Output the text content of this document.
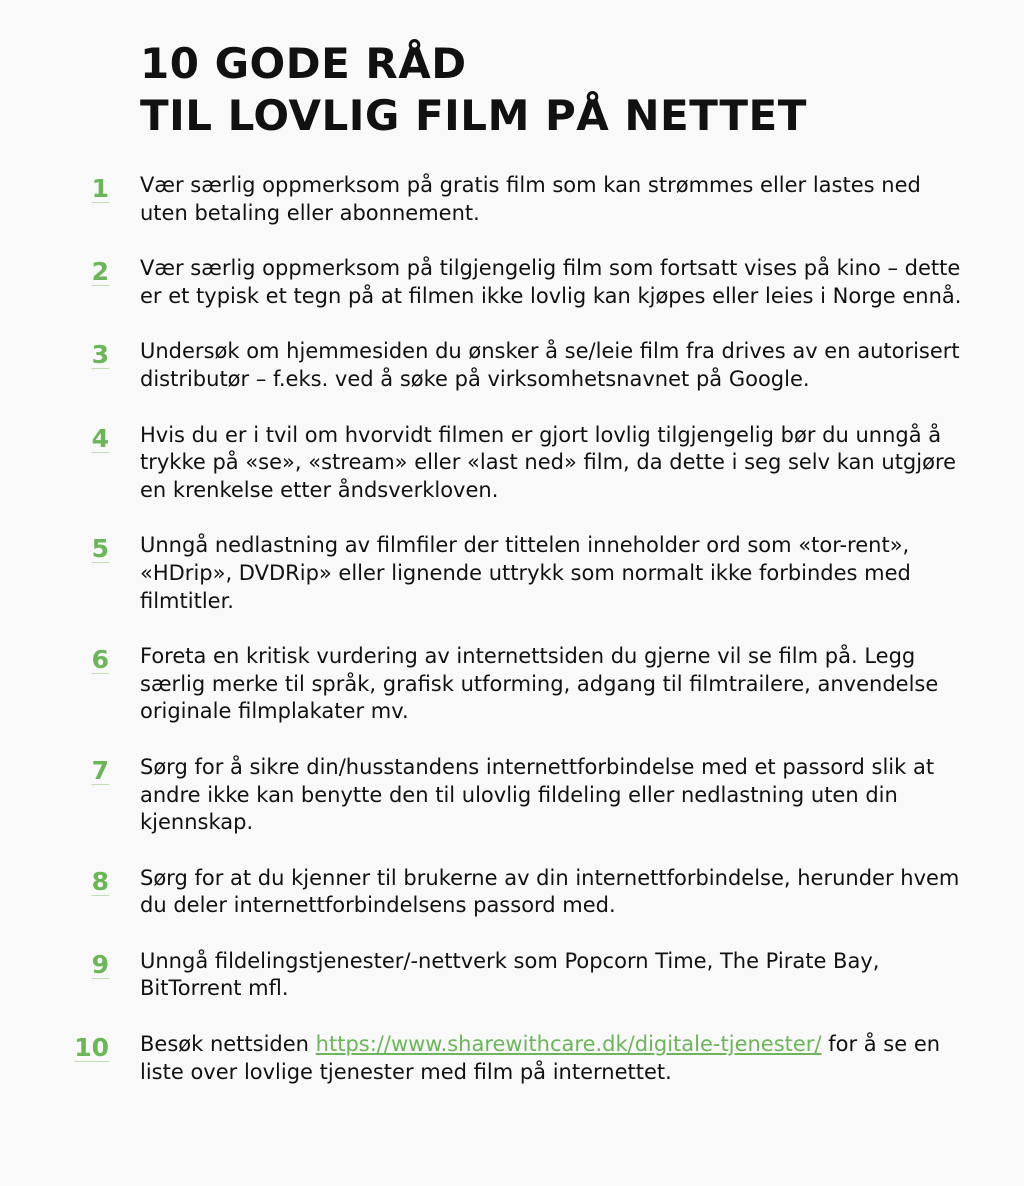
10 GODE RÅD
TIL LOVLIG FILM PÅ NETTET
1 Vær særlig oppmerksom på gratis film som kan strømmes eller lastes ned uten betaling eller abonnement.
2 Vær særlig oppmerksom på tilgjengelig film som fortsatt vises på kino – dette er et typisk et tegn på at filmen ikke lovlig kan kjøpes eller leies i Norge ennå.
3 Undersøk om hjemmesiden du ønsker å se/leie film fra drives av en autorisert distributør – f.eks. ved å søke på virksomhetsnavnet på Google.
4 Hvis du er i tvil om hvorvidt filmen er gjort lovlig tilgjengelig bør du unngå å trykke på «se», «stream» eller «last ned» film, da dette i seg selv kan utgjøre en krenkelse etter åndsverkloven.
5 Unngå nedlastning av filmfiler der tittelen inneholder ord som «tor-rent», «HDrip», DVDRip» eller lignende uttrykk som normalt ikke forbindes med filmtitler.
6 Foreta en kritisk vurdering av internettsiden du gjerne vil se film på. Legg særlig merke til språk, grafisk utforming, adgang til filmtrailere, anvendelse originale filmplakater mv.
7 Sørg for å sikre din/husstandens internettforbindelse med et passord slik at andre ikke kan benytte den til ulovlig fildeling eller nedlastning uten din kjennskap.
8 Sørg for at du kjenner til brukerne av din internettforbindelse, herunder hvem du deler internettforbindelsens passord med.
9 Unngå fildelingstjenester/-nettverk som Popcorn Time, The Pirate Bay, BitTorrent mfl.
10 Besøk nettsiden https://www.sharewithcare.dk/digitale-tjenester/ for å se en liste over lovlige tjenester med film på internettet.
